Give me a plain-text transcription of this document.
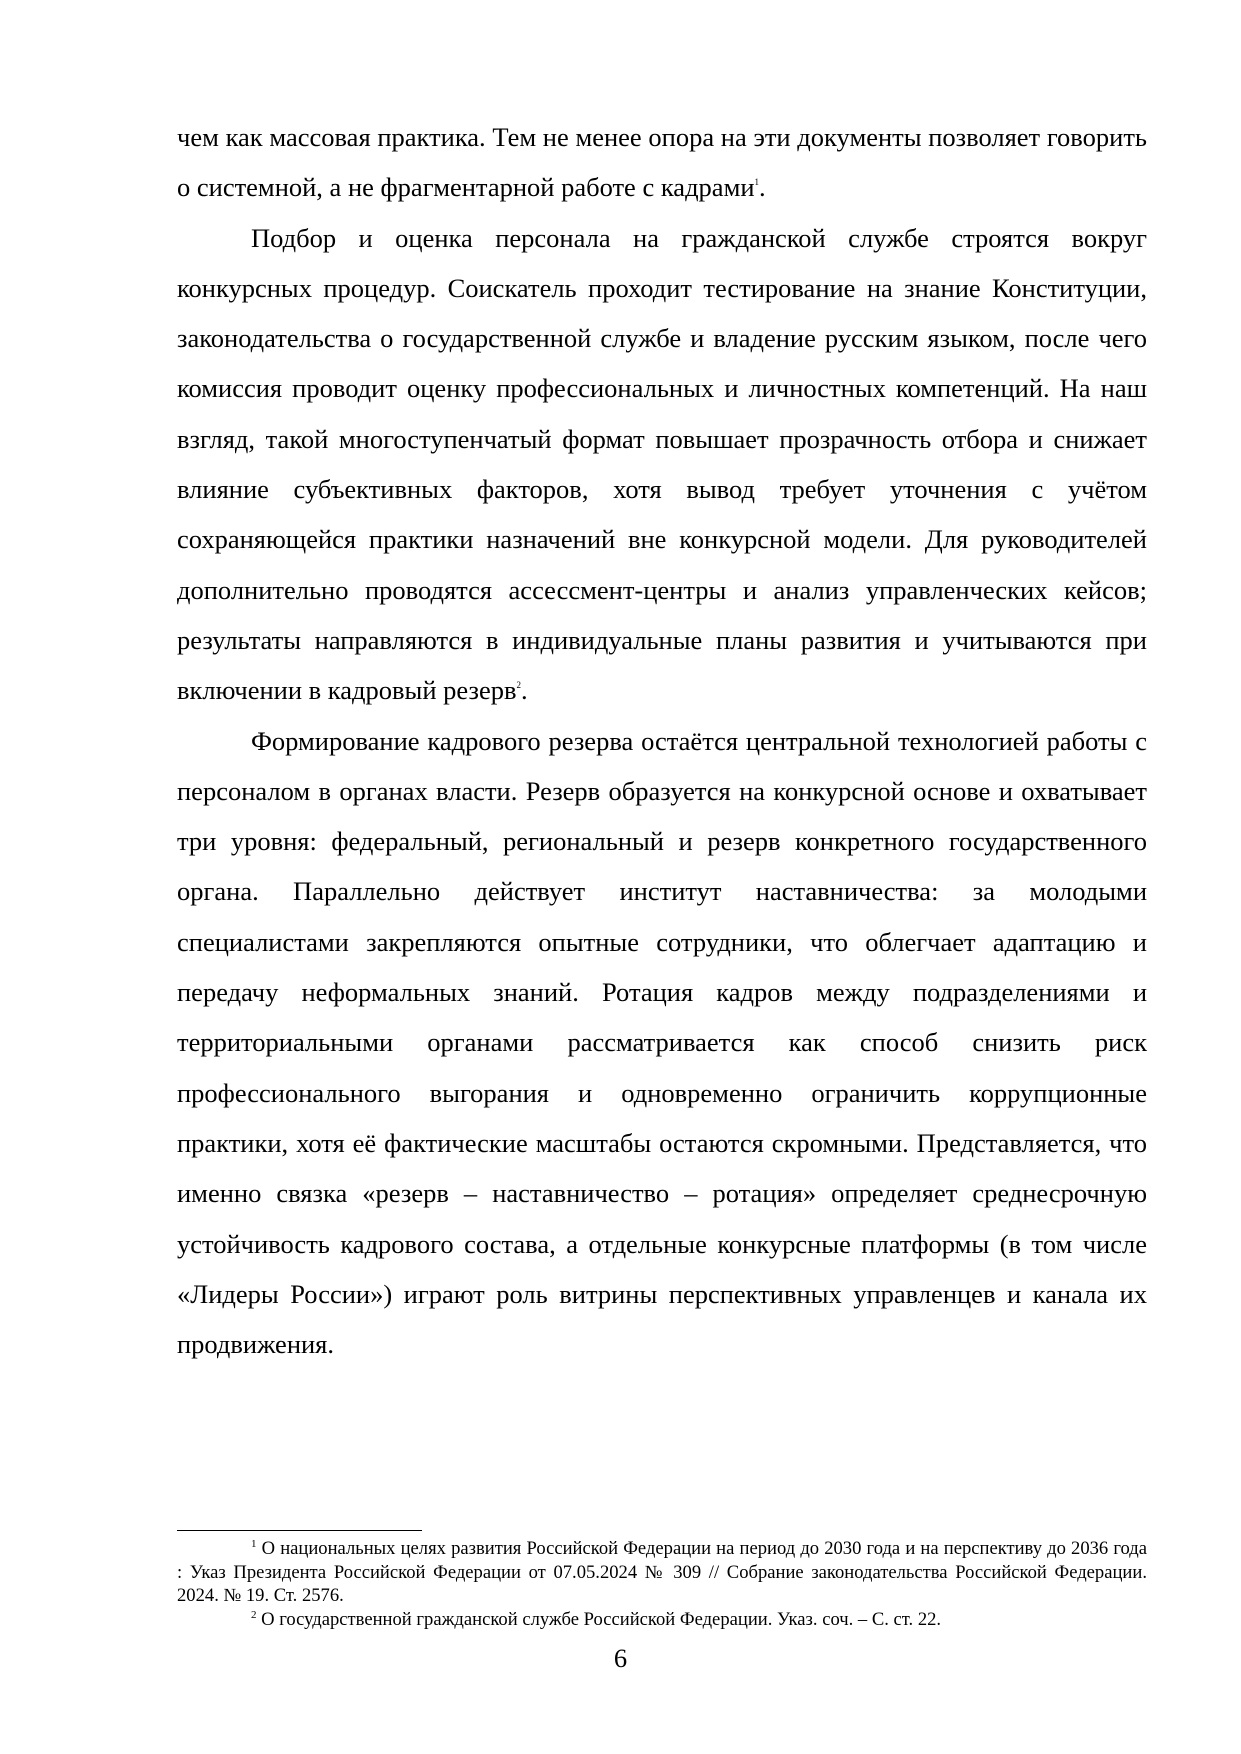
чем как массовая практика. Тем не менее опора на эти документы позволяет говорить о системной, а не фрагментарной работе с кадрами$^1$.

Подбор и оценка персонала на гражданской службе строятся вокруг конкурсных процедур. Соискатель проходит тестирование на знание Конституции, законодательства о государственной службе и владение русским языком, после чего комиссия проводит оценку профессиональных и личностных компетенций. На наш взгляд, такой многоступенчатый формат повышает прозрачность отбора и снижает влияние субъективных факторов, хотя вывод требует уточнения с учётом сохраняющейся практики назначений вне конкурсной модели. Для руководителей дополнительно проводятся ассессмент-центры и анализ управленческих кейсов; результаты направляются в индивидуальные планы развития и учитываются при включении в кадровый резерв$^2$.

Формирование кадрового резерва остаётся центральной технологией работы с персоналом в органах власти. Резерв образуется на конкурсной основе и охватывает три уровня: федеральный, региональный и резерв конкретного государственного органа. Параллельно действует институт наставничества: за молодыми специалистами закрепляются опытные сотрудники, что облегчает адаптацию и передачу неформальных знаний. Ротация кадров между подразделениями и территориальными органами рассматривается как способ снизить риск профессионального выгорания и одновременно ограничить коррупционные практики, хотя её фактические масштабы остаются скромными. Представляется, что именно связка «резерв – наставничество – ротация» определяет среднесрочную устойчивость кадрового состава, а отдельные конкурсные платформы (в том числе «Лидеры России») играют роль витрины перспективных управленцев и канала их продвижения.

$^1$ О национальных целях развития Российской Федерации на период до 2030 года и на перспективу до 2036 года : Указ Президента Российской Федерации от 07.05.2024 № 309 // Собрание законодательства Российской Федерации. 2024. № 19. Ст. 2576.

$^2$ О государственной гражданской службе Российской Федерации. Указ. соч. – С. ст. 22.

6
